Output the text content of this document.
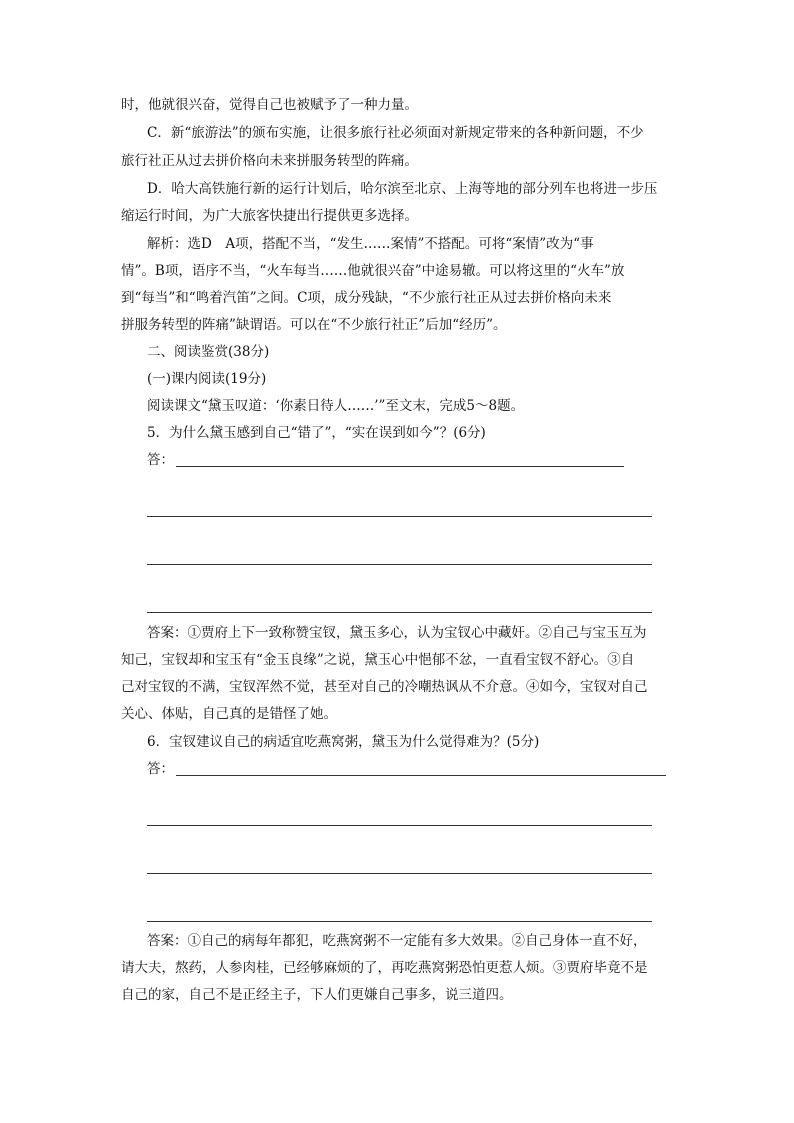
时，他就很兴奋，觉得自己也被赋予了一种力量。
C．新“旅游法”的颁布实施，让很多旅行社必须面对新规定带来的各种新问题，不少
旅行社正从过去拼价格向未来拼服务转型的阵痛。
D．哈大高铁施行新的运行计划后，哈尔滨至北京、上海等地的部分列车也将进一步压
缩运行时间，为广大旅客快捷出行提供更多选择。
解析：选D　A项，搭配不当，“发生……案情”不搭配。可将“案情”改为“事
情”。B项，语序不当，“火车每当……他就很兴奋”中途易辙。可以将这里的“火车”放
到“每当”和“鸣着汽笛”之间。C项，成分残缺，“不少旅行社正从过去拼价格向未来
拼服务转型的阵痛”缺谓语。可以在“不少旅行社正”后加“经历”。
二、阅读鉴赏(38分)
(一)课内阅读(19分)
阅读课文“黛玉叹道：‘你素日待人……’”至文末，完成5～8题。
5．为什么黛玉感到自己“错了”，“实在误到如今”？(6分)
答：
答案：①贾府上下一致称赞宝钗，黛玉多心，认为宝钗心中藏奸。②自己与宝玉互为
知己，宝钗却和宝玉有“金玉良缘”之说，黛玉心中悒郁不忿，一直看宝钗不舒心。③自
己对宝钗的不满，宝钗浑然不觉，甚至对自己的冷嘲热讽从不介意。④如今，宝钗对自己
关心、体贴，自己真的是错怪了她。
6．宝钗建议自己的病适宜吃燕窝粥，黛玉为什么觉得难为？(5分)
答：
答案：①自己的病每年都犯，吃燕窝粥不一定能有多大效果。②自己身体一直不好，
请大夫，熬药，人参肉桂，已经够麻烦的了，再吃燕窝粥恐怕更惹人烦。③贾府毕竟不是
自己的家，自己不是正经主子，下人们更嫌自己事多，说三道四。
